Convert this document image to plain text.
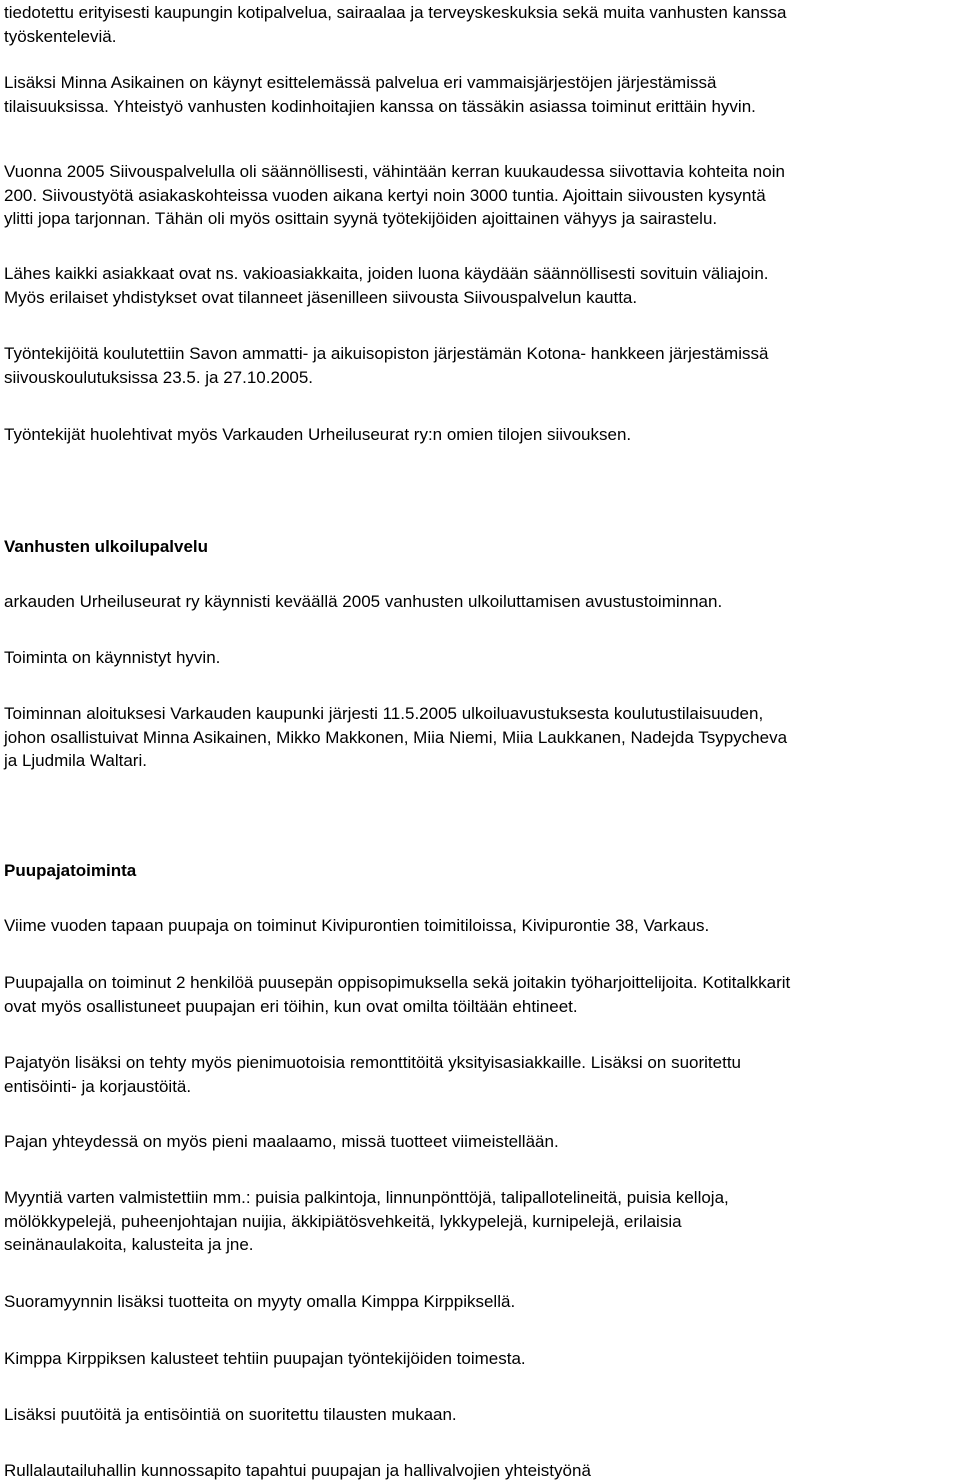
tiedotettu erityisesti kaupungin kotipalvelua, sairaalaa ja terveyskeskuksia sekä muita vanhusten kanssa
työskenteleviä.

Lisäksi Minna Asikainen on käynyt esittelemässä palvelua eri vammaisjärjestöjen järjestämissä
tilaisuuksissa. Yhteistyö vanhusten kodinhoitajien kanssa on tässäkin asiassa toiminut erittäin hyvin.

Vuonna 2005 Siivouspalvelulla oli säännöllisesti, vähintään kerran kuukaudessa siivottavia kohteita noin
200. Siivoustyötä asiakaskohteissa vuoden aikana kertyi noin 3000 tuntia. Ajoittain siivousten kysyntä
ylitti jopa tarjonnan. Tähän oli myös osittain syynä työtekijöiden ajoittainen vähyys ja sairastelu.

Lähes kaikki asiakkaat ovat ns. vakioasiakkaita, joiden luona käydään säännöllisesti sovituin väliajoin.
Myös erilaiset yhdistykset ovat tilanneet jäsenilleen siivousta Siivouspalvelun kautta.

Työntekijöitä koulutettiin Savon ammatti- ja aikuisopiston järjestämän Kotona- hankkeen järjestämissä
siivouskoulutuksissa 23.5. ja 27.10.2005.

Työntekijät huolehtivat myös Varkauden Urheiluseurat ry:n omien tilojen siivouksen.

Vanhusten ulkoilupalvelu

arkauden Urheiluseurat ry käynnisti keväällä 2005 vanhusten ulkoiluttamisen avustustoiminnan.

Toiminta on käynnistyt hyvin.

Toiminnan aloituksesi Varkauden kaupunki järjesti 11.5.2005 ulkoiluavustuksesta koulutustilaisuuden,
johon osallistuivat Minna Asikainen, Mikko Makkonen, Miia Niemi, Miia Laukkanen, Nadejda Tsypycheva
ja Ljudmila Waltari.

Puupajatoiminta

Viime vuoden tapaan puupaja on toiminut Kivipurontien toimitiloissa, Kivipurontie 38, Varkaus.

Puupajalla on toiminut 2 henkilöä puusepän oppisopimuksella sekä joitakin työharjoittelijoita. Kotitalkkarit
ovat myös osallistuneet puupajan eri töihin, kun ovat omilta töiltään ehtineet.

Pajatyön lisäksi on tehty myös pienimuotoisia remonttitöitä yksityisasiakkaille. Lisäksi on suoritettu
entisöinti- ja korjaustöitä.

Pajan yhteydessä on myös pieni maalaamo, missä tuotteet viimeistellään.

Myyntiä varten valmistettiin mm.: puisia palkintoja, linnunpönttöjä, talipallotelineitä, puisia kelloja,
mölökkypelejä, puheenjohtajan nuijia, äkkipiätösvehkeitä, lykkypelejä, kurnipelejä, erilaisia
seinänaulakoita, kalusteita ja jne.

Suoramyynnin lisäksi tuotteita on myyty omalla Kimppa Kirppiksellä.

Kimppa Kirppiksen kalusteet tehtiin puupajan työntekijöiden toimesta.

Lisäksi puutöitä ja entisöintiä on suoritettu tilausten mukaan.

Rullalautailuhallin kunnossapito tapahtui puupajan ja hallivalvojien yhteistyönä
